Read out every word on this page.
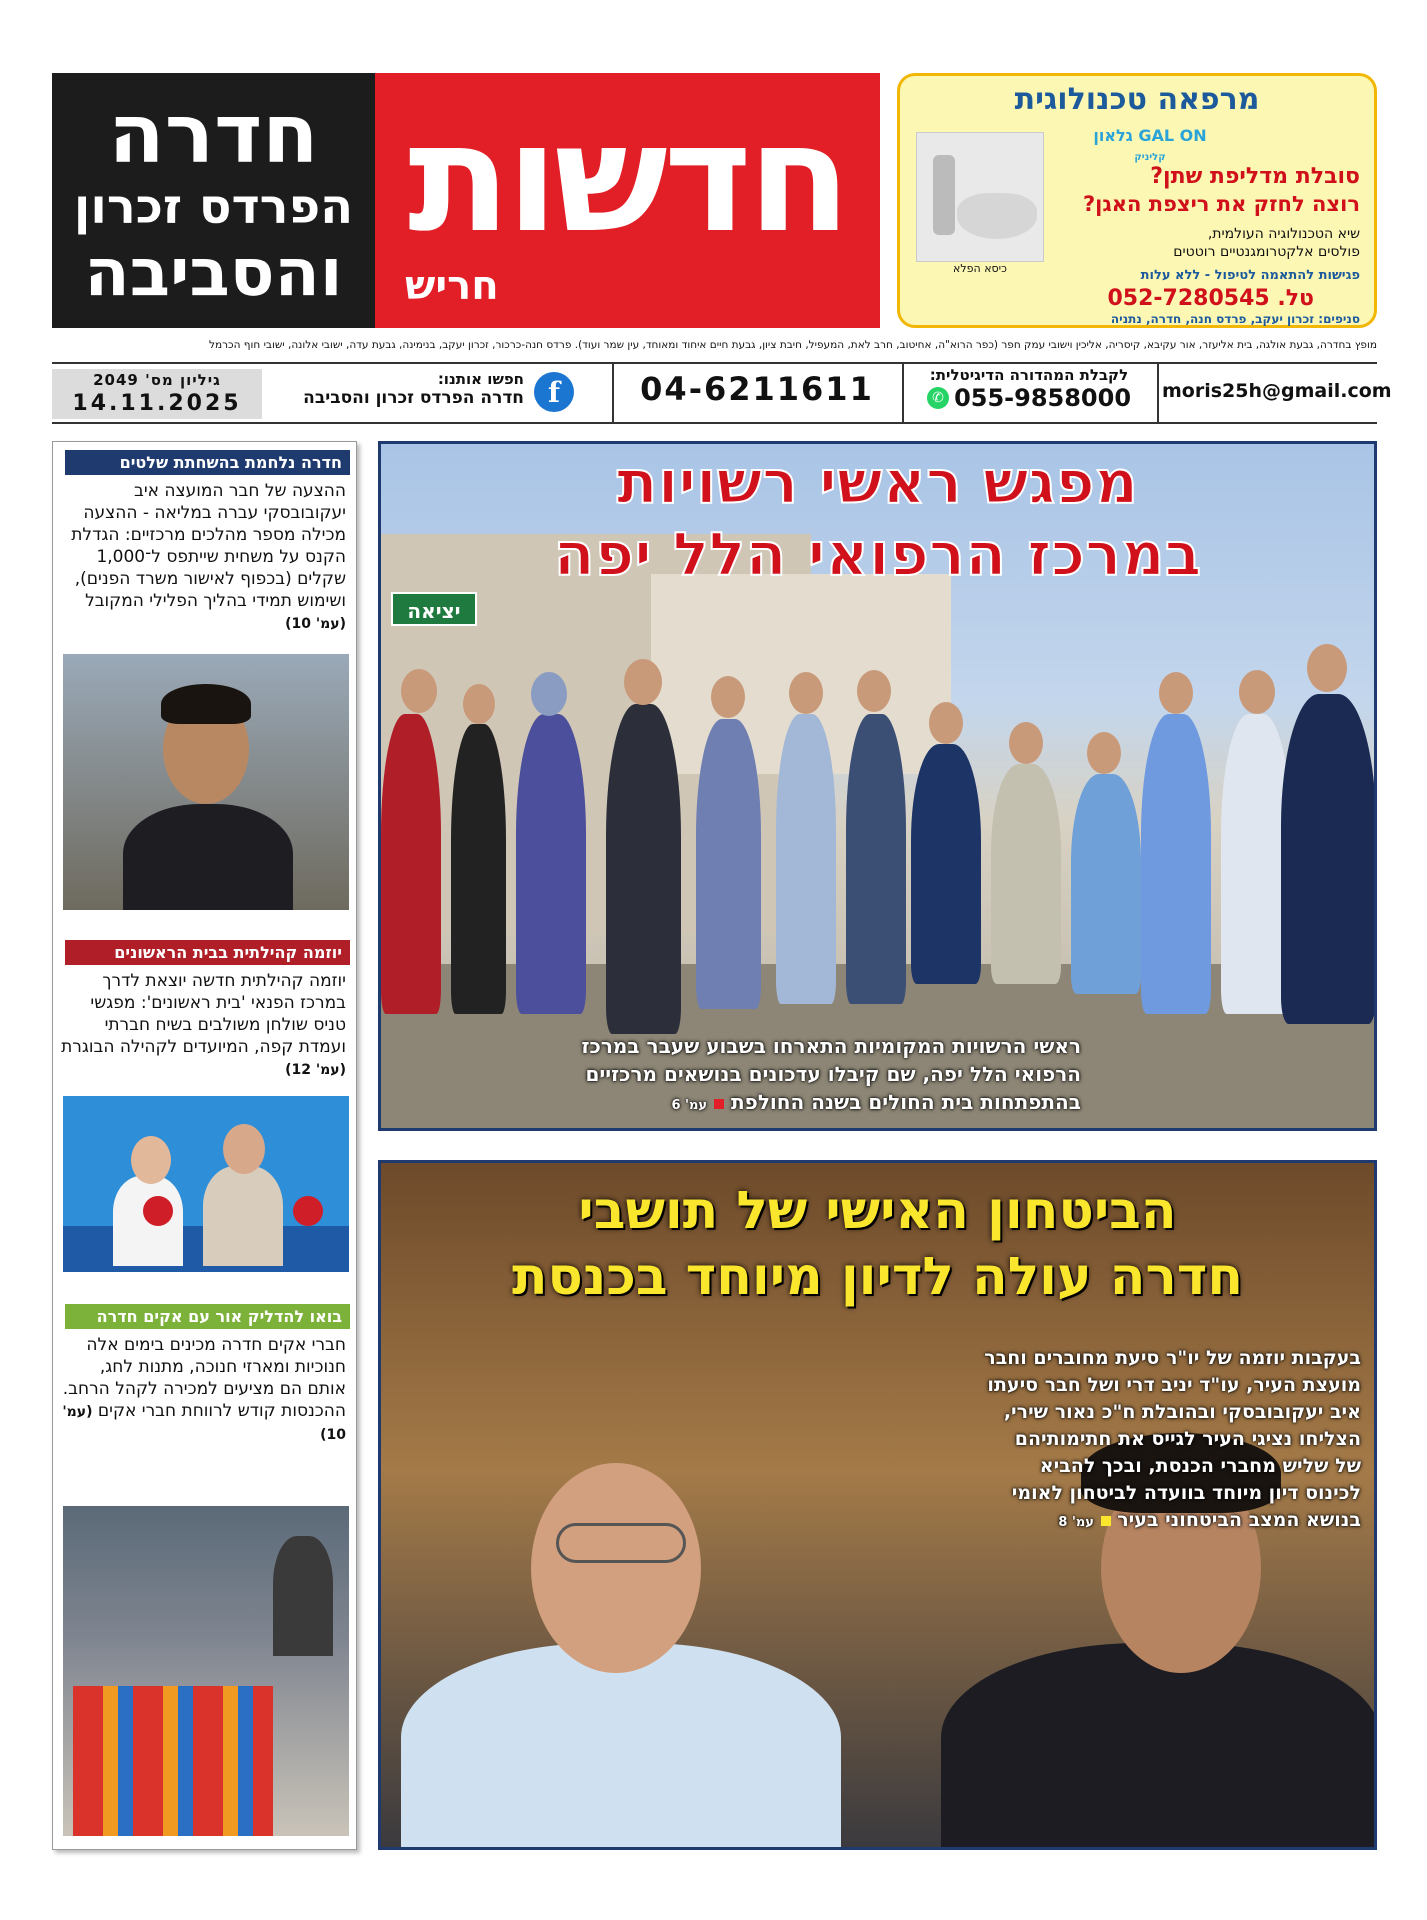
חדרה
הפרדס זכרון
והסביבה
חדשות
חריש
מרפאה טכנולוגית
GAL ON גלאון קליניק
כיסא הפלא
סובלת מדליפת שתן?
רוצה לחזק את ריצפת האגן?
שיא הטכנולוגיה העולמית,
פולסים אלקטרומגנטיים רוטטים
פגישות להתאמה לטיפול - ללא עלות
טל. 052-7280545
סניפים: זכרון יעקב, פרדס חנה, חדרה, נתניה
מופץ בחדרה, גבעת אולגה, בית אליעזר, אור עקיבא, קיסריה, אליכין וישובי עמק חפר (כפר הרוא"ה, אחיטוב, חרב לאת, המעפיל, חיבת ציון, גבעת חיים איחוד ומאוחד, עין שמר ועוד). פרדס חנה-כרכור, זכרון יעקב, בנימינה, גבעת עדה, ישובי אלונה, ישובי חוף הכרמל
גיליון מס' 2049
14.11.2025
חפשו אותנו:
חדרה הפרדס זכרון והסביבה f	04-6211611	לקבלת המהדורה הדיגיטלית:
✆ 055-9858000	moris25h@gmail.com
יציאה
מפגש ראשי רשויות
במרכז הרפואי הלל יפה
ראשי הרשויות המקומיות התארחו בשבוע שעבר במרכז
הרפואי הלל יפה, שם קיבלו עדכונים בנושאים מרכזיים
בהתפתחות בית החולים בשנה החולפת  עמ' 6
הביטחון האישי של תושבי
חדרה עולה לדיון מיוחד בכנסת
בעקבות יוזמה של יו"ר סיעת מחוברים וחבר
מועצת העיר, עו"ד יניב דרי ושל חבר סיעתו
איב יעקובובסקי ובהובלת ח"כ נאור שירי,
הצליחו נציגי העיר לגייס את חתימותיהם
של שליש מחברי הכנסת, ובכך להביא
לכינוס דיון מיוחד בוועדה לביטחון לאומי
בנושא המצב הביטחוני בעיר  עמ' 8
חדרה נלחמת בהשחתת שלטים
ההצעה של חבר המועצה איב יעקובובסקי עברה במליאה - ההצעה מכילה מספר מהלכים מרכזיים: הגדלת הקנס על משחית שייתפס ל־1,000 שקלים (בכפוף לאישור משרד הפנים), ושימוש תמידי בהליך הפלילי המקובל (עמ' 10)
יוזמה קהילתית בבית הראשונים
יוזמה קהילתית חדשה יוצאת לדרך במרכז הפנאי 'בית ראשונים': מפגשי טניס שולחן משולבים בשיח חברתי ועמדת קפה, המיועדים לקהילה הבוגרת (עמ' 12)
בואו להדליק אור עם אקים חדרה
חברי אקים חדרה מכינים בימים אלה חנוכיות ומארזי חנוכה, מתנות לחג, אותם הם מציעים למכירה לקהל הרחב. ההכנסות קודש לרווחת חברי אקים (עמ' 10)
